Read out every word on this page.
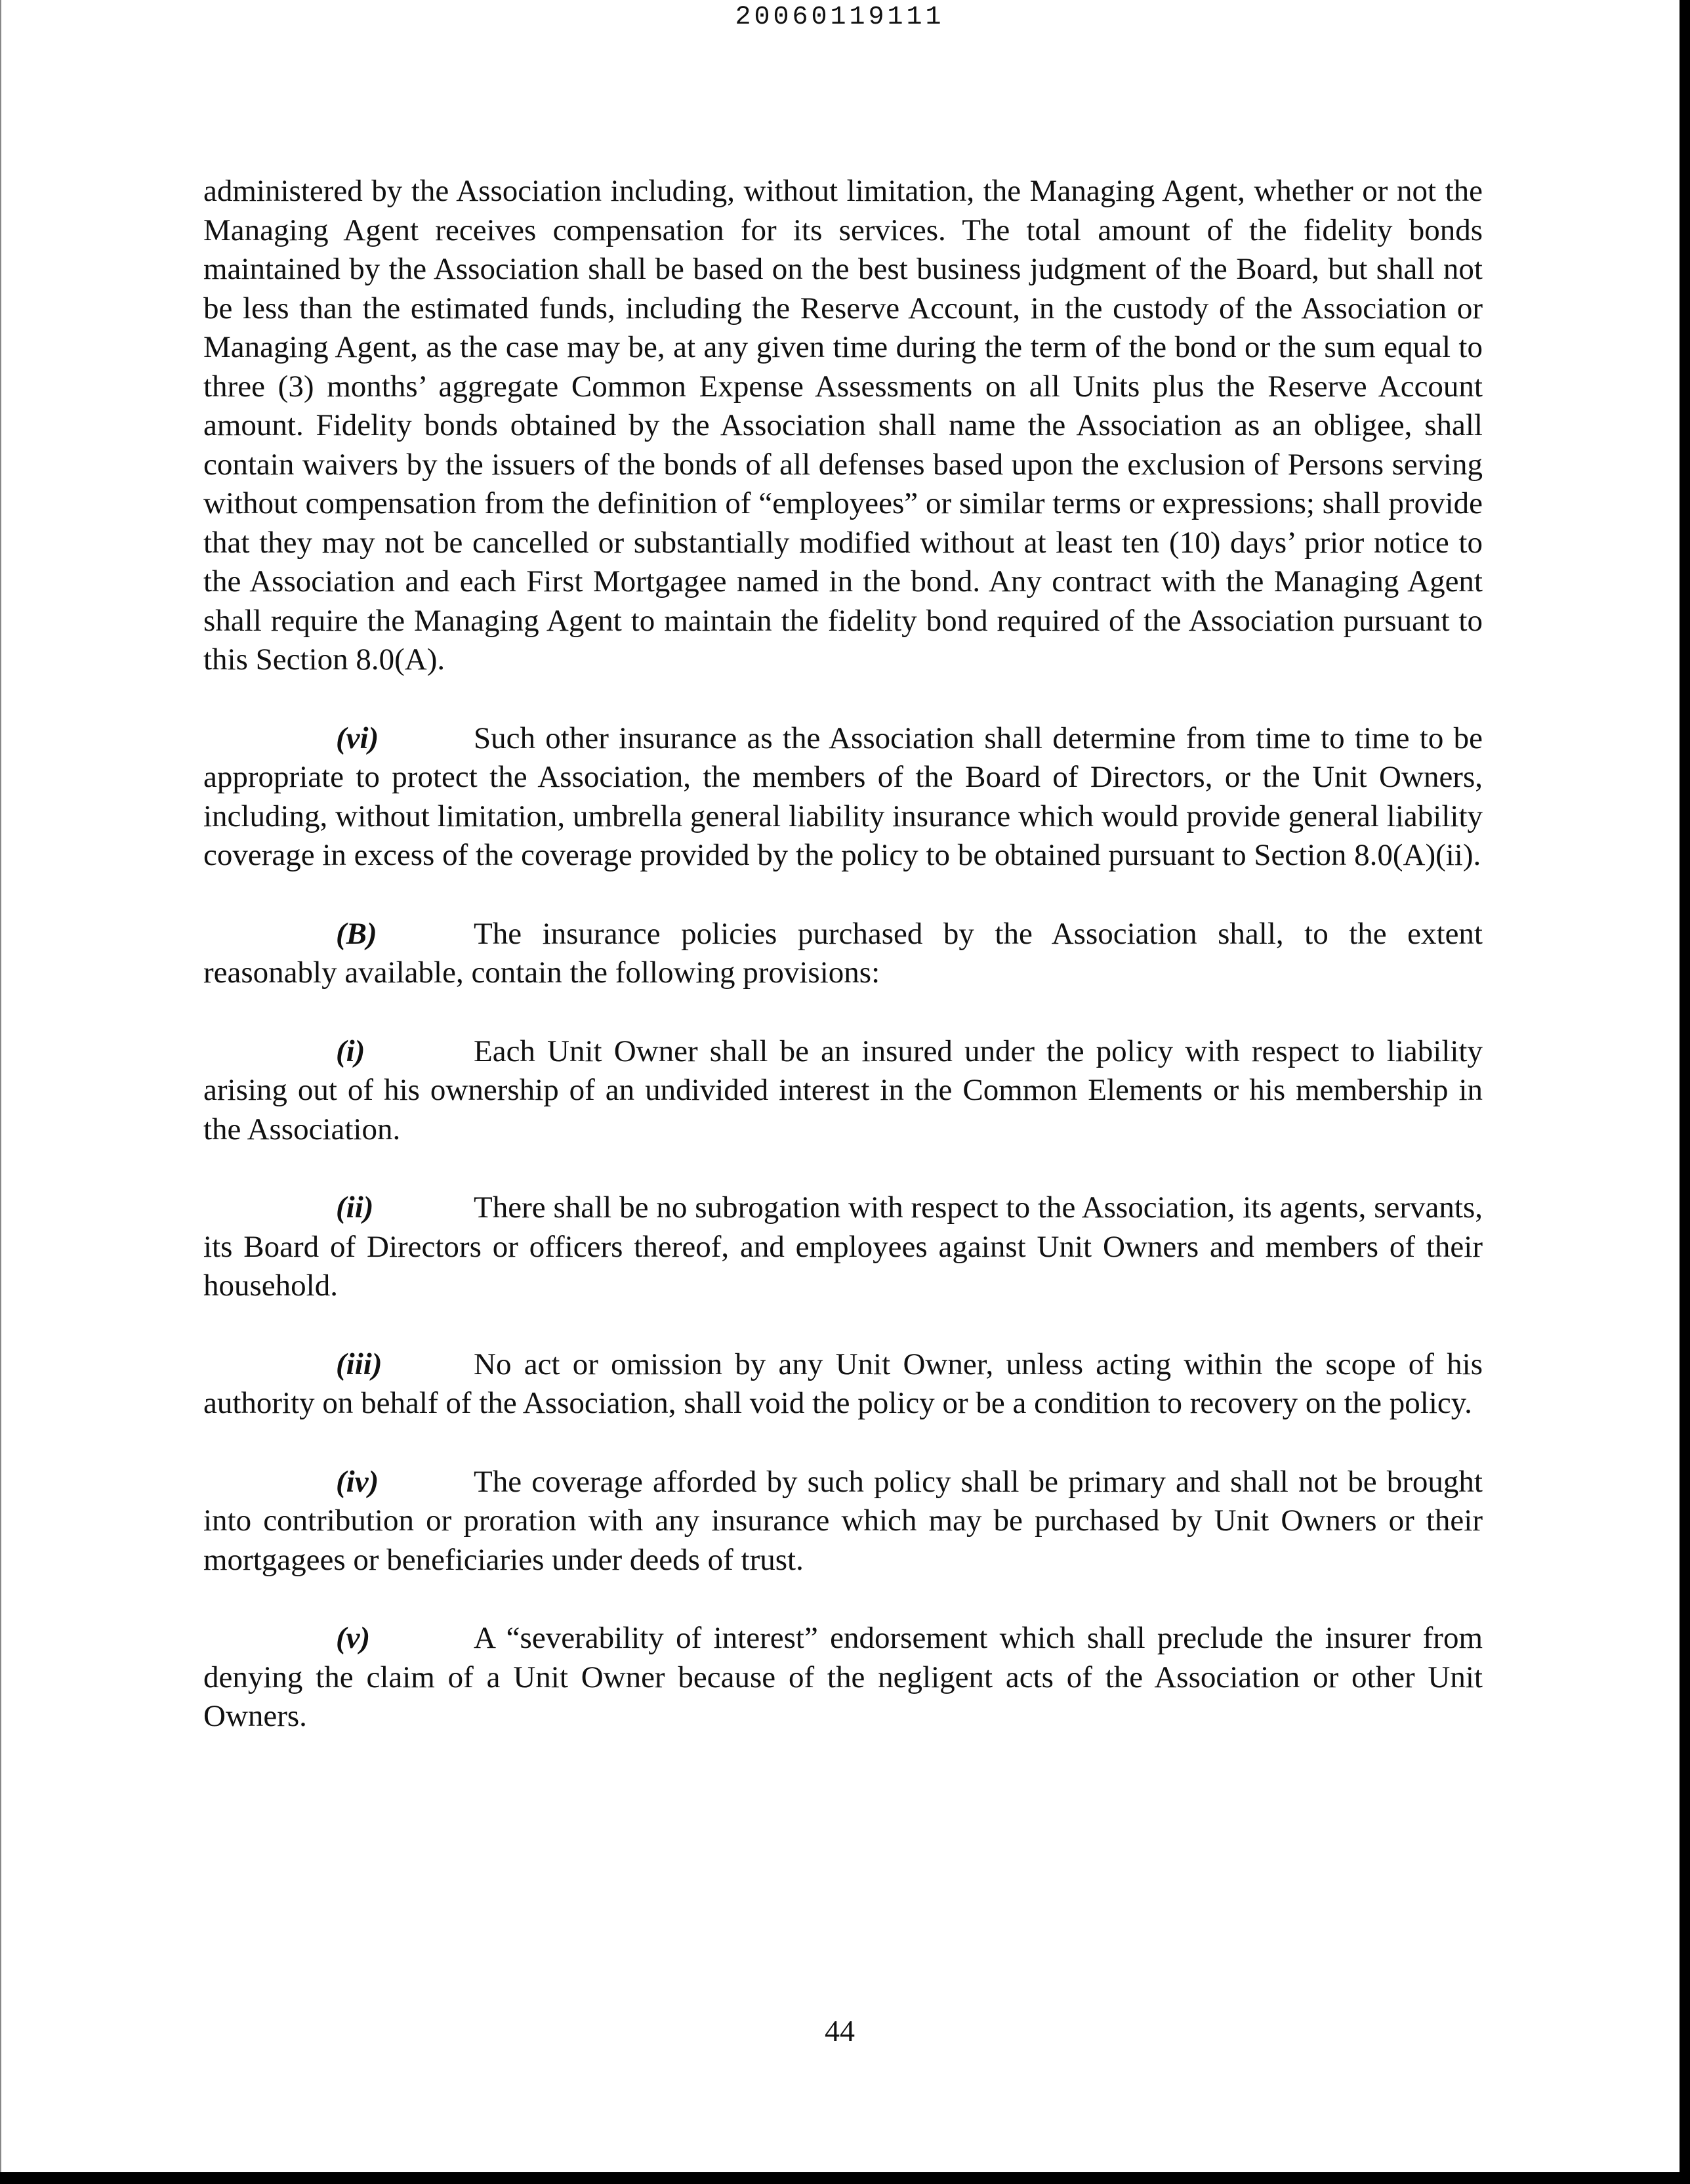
20060119111

administered by the Association including, without limitation, the Managing Agent, whether or not the Managing Agent receives compensation for its services. The total amount of the fidelity bonds maintained by the Association shall be based on the best business judgment of the Board, but shall not be less than the estimated funds, including the Reserve Account, in the custody of the Association or Managing Agent, as the case may be, at any given time during the term of the bond or the sum equal to three (3) months’ aggregate Common Expense Assessments on all Units plus the Reserve Account amount. Fidelity bonds obtained by the Association shall name the Association as an obligee, shall contain waivers by the issuers of the bonds of all defenses based upon the exclusion of Persons serving without compensation from the definition of “employees” or similar terms or expressions; shall provide that they may not be cancelled or substantially modified without at least ten (10) days’ prior notice to the Association and each First Mortgagee named in the bond. Any contract with the Managing Agent shall require the Managing Agent to maintain the fidelity bond required of the Association pursuant to this Section 8.0(A).

(vi)	Such other insurance as the Association shall determine from time to time to be appropriate to protect the Association, the members of the Board of Directors, or the Unit Owners, including, without limitation, umbrella general liability insurance which would provide general liability coverage in excess of the coverage provided by the policy to be obtained pursuant to Section 8.0(A)(ii).

(B)	The insurance policies purchased by the Association shall, to the extent reasonably available, contain the following provisions:

(i)	Each Unit Owner shall be an insured under the policy with respect to liability arising out of his ownership of an undivided interest in the Common Elements or his membership in the Association.

(ii)	There shall be no subrogation with respect to the Association, its agents, servants, its Board of Directors or officers thereof, and employees against Unit Owners and members of their household.

(iii)	No act or omission by any Unit Owner, unless acting within the scope of his authority on behalf of the Association, shall void the policy or be a condition to recovery on the policy.

(iv)	The coverage afforded by such policy shall be primary and shall not be brought into contribution or proration with any insurance which may be purchased by Unit Owners or their mortgagees or beneficiaries under deeds of trust.

(v)	A “severability of interest” endorsement which shall preclude the insurer from denying the claim of a Unit Owner because of the negligent acts of the Association or other Unit Owners.

44
